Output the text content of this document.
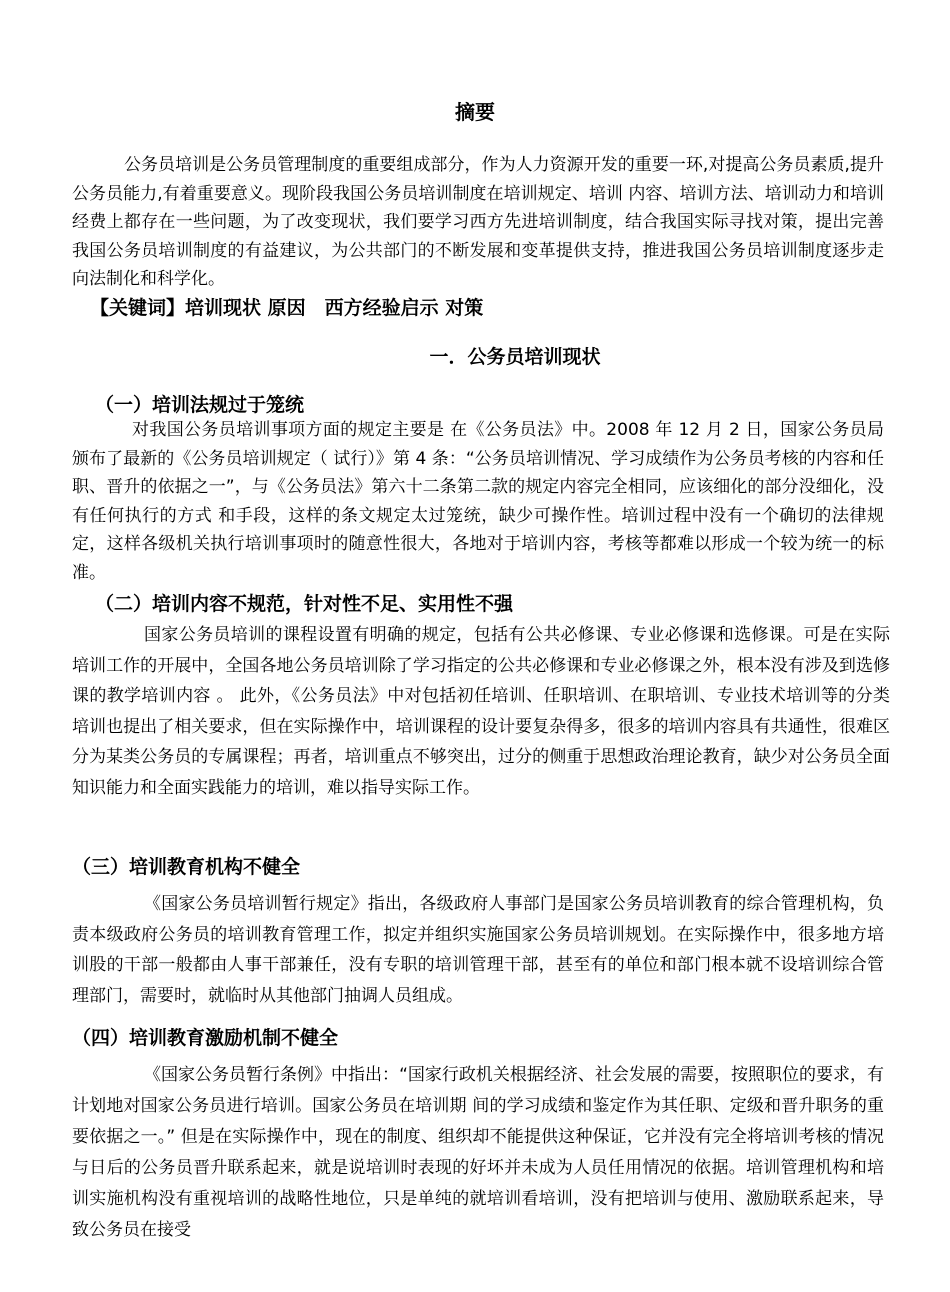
摘要

公务员培训是公务员管理制度的重要组成部分，作为人力资源开发的重要一环,对提高公务员素质,提升公务员能力,有着重要意义。现阶段我国公务员培训制度在培训规定、培训 内容、培训方法、培训动力和培训经费上都存在一些问题，为了改变现状，我们要学习西方先进培训制度，结合我国实际寻找对策，提出完善我国公务员培训制度的有益建议，为公共部门的不断发展和变革提供支持，推进我国公务员培训制度逐步走向法制化和科学化。

【关键词】培训现状 原因　西方经验启示 对策
一．公务员培训现状
（一）培训法规过于笼统

对我国公务员培训事项方面的规定主要是 在《公务员法》中。2008 年 12 月 2 日，国家公务员局颁布了最新的《公务员培训规定（ 试行）》第 4 条：“公务员培训情况、学习成绩作为公务员考核的内容和任职、晋升的依据之一”，与《公务员法》第六十二条第二款的规定内容完全相同，应该细化的部分没细化，没有任何执行的方式 和手段，这样的条文规定太过笼统，缺少可操作性。培训过程中没有一个确切的法律规定，这样各级机关执行培训事项时的随意性很大，各地对于培训内容，考核等都难以形成一个较为统一的标准。

（二）培训内容不规范，针对性不足、实用性不强

国家公务员培训的课程设置有明确的规定，包括有公共必修课、专业必修课和选修课。可是在实际培训工作的开展中，全国各地公务员培训除了学习指定的公共必修课和专业必修课之外，根本没有涉及到选修课的教学培训内容 。 此外，《公务员法》中对包括初任培训、任职培训、在职培训、专业技术培训等的分类培训也提出了相关要求，但在实际操作中，培训课程的设计要复杂得多，很多的培训内容具有共通性，很难区分为某类公务员的专属课程；再者，培训重点不够突出，过分的侧重于思想政治理论教育，缺少对公务员全面知识能力和全面实践能力的培训，难以指导实际工作。

（三）培训教育机构不健全

《国家公务员培训暂行规定》指出，各级政府人事部门是国家公务员培训教育的综合管理机构，负责本级政府公务员的培训教育管理工作，拟定并组织实施国家公务员培训规划。在实际操作中，很多地方培训股的干部一般都由人事干部兼任，没有专职的培训管理干部，甚至有的单位和部门根本就不设培训综合管理部门，需要时，就临时从其他部门抽调人员组成。

（四）培训教育激励机制不健全

《国家公务员暂行条例》中指出：“国家行政机关根据经济、社会发展的需要，按照职位的要求，有计划地对国家公务员进行培训。国家公务员在培训期 间的学习成绩和鉴定作为其任职、定级和晋升职务的重要依据之一。” 但是在实际操作中，现在的制度、组织却不能提供这种保证，它并没有完全将培训考核的情况与日后的公务员晋升联系起来，就是说培训时表现的好坏并未成为人员任用情况的依据。培训管理机构和培训实施机构没有重视培训的战略性地位，只是单纯的就培训看培训，没有把培训与使用、激励联系起来，导致公务员在接受
